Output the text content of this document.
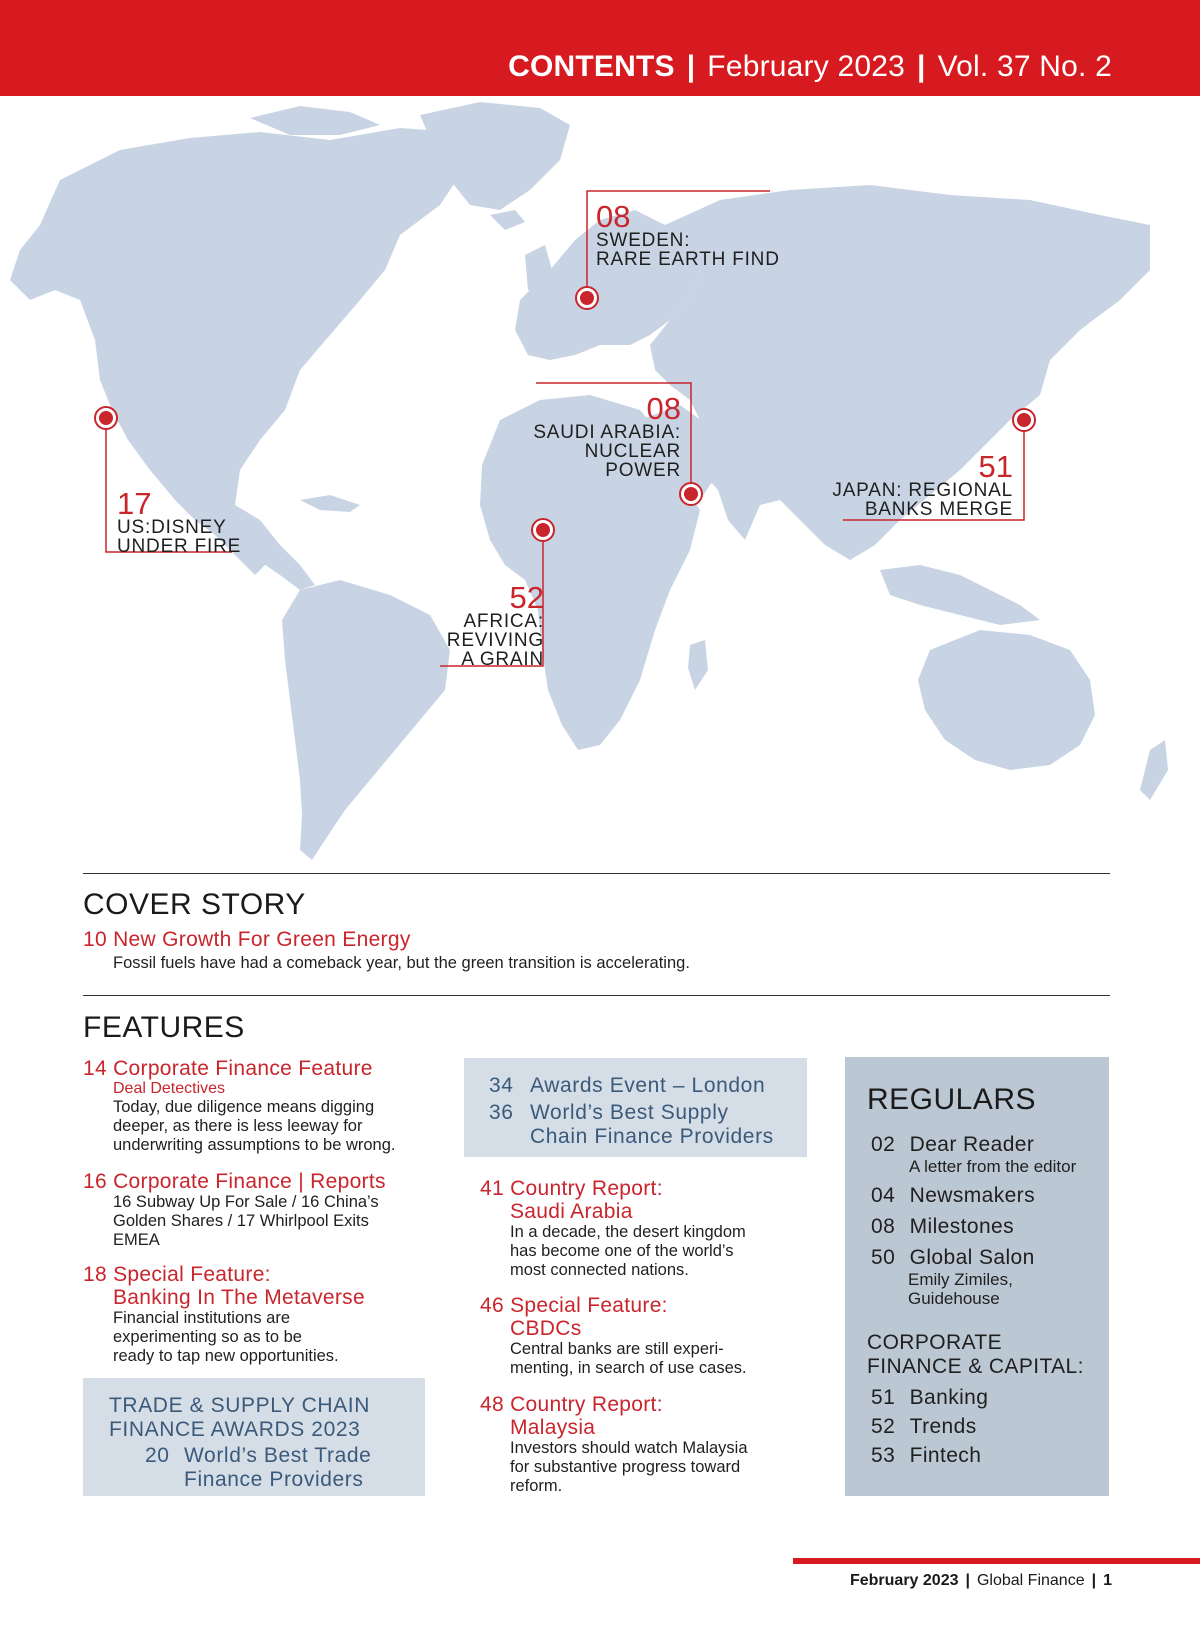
CONTENTS | February 2023 | Vol. 37 No. 2
08
SWEDEN:
RARE EARTH FIND
08
SAUDI ARABIA:
NUCLEAR
POWER	51
JAPAN: REGIONAL
BANKS MERGE
17
US:DISNEY
UNDER FIRE
52
AFRICA:
REVIVING
A GRAIN
COVER STORY
10 New Growth For Green Energy
Fossil fuels have had a comeback year, but the green transition is accelerating.
FEATURES
14 Corporate Finance Feature
Deal Detectives
Today, due diligence means digging
deeper, as there is less leeway for
underwriting assumptions to be wrong.
16 Corporate Finance | Reports
16 Subway Up For Sale / 16 China’s
Golden Shares / 17 Whirlpool Exits
EMEA
18 Special Feature:
Banking In The Metaverse
Financial institutions are
experimenting so as to be
ready to tap new opportunities.
TRADE & SUPPLY CHAIN
FINANCE AWARDS 2023
20 World’s Best Trade
Finance Providers
34 Awards Event – London
36 World’s Best Supply
Chain Finance Providers
41 Country Report:
Saudi Arabia
In a decade, the desert kingdom
has become one of the world’s
most connected nations.
46 Special Feature:
CBDCs
Central banks are still experi-
menting, in search of use cases.
48 Country Report:
Malaysia
Investors should watch Malaysia
for substantive progress toward
reform.
REGULARS
02 Dear Reader
A letter from the editor
04 Newsmakers
08 Milestones
50 Global Salon
Emily Zimiles,
Guidehouse
CORPORATE
FINANCE & CAPITAL:
51 Banking
52 Trends
53 Fintech
February 2023 | Global Finance | 1
